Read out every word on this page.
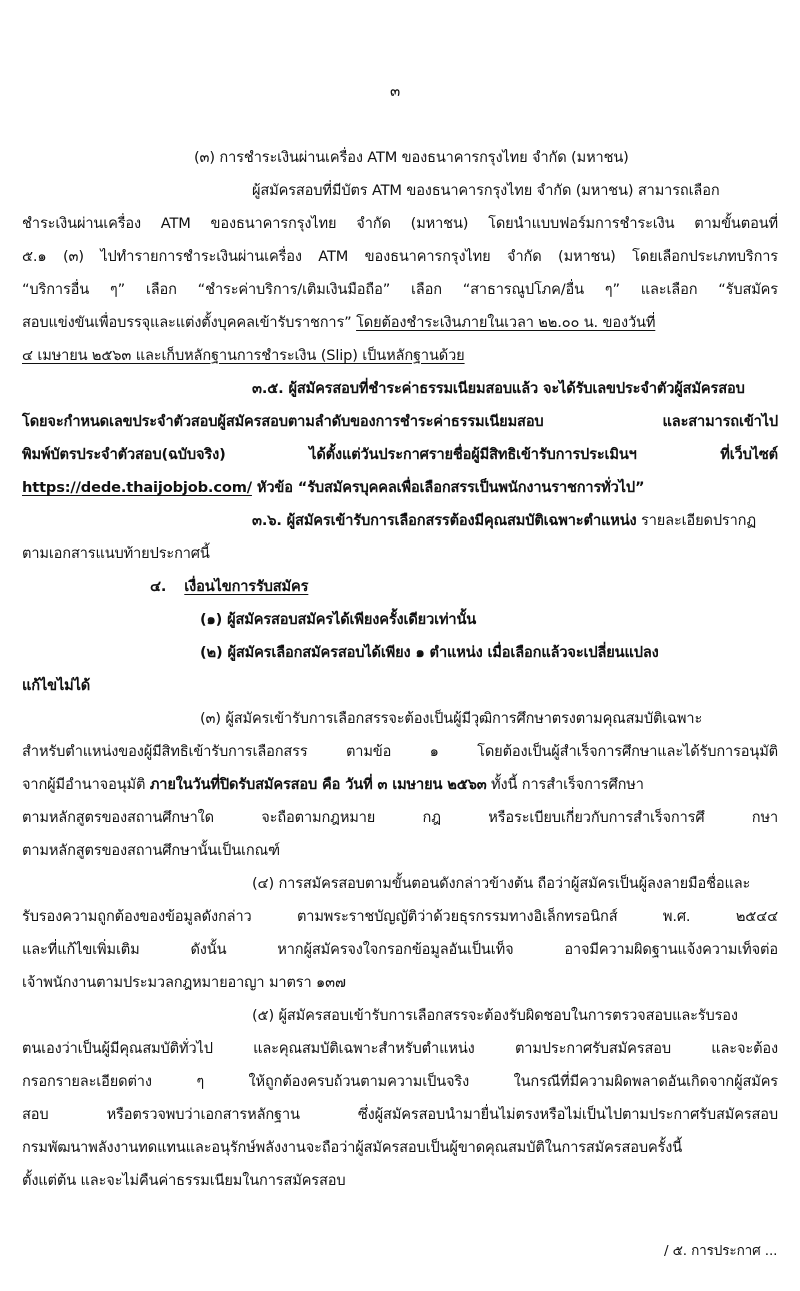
๓
(๓) การชำระเงินผ่านเครื่อง ATM ของธนาคารกรุงไทย จำกัด (มหาชน)
ผู้สมัครสอบที่มีบัตร ATM ของธนาคารกรุงไทย จำกัด (มหาชน) สามารถเลือก
ชำระเงินผ่านเครื่อง ATM ของธนาคารกรุงไทย จำกัด (มหาชน) โดยนำแบบฟอร์มการชำระเงิน ตามขั้นตอนที่
๕.๑ (๓) ไปทำรายการชำระเงินผ่านเครื่อง ATM ของธนาคารกรุงไทย จำกัด (มหาชน) โดยเลือกประเภทบริการ
“บริการอื่น ๆ” เลือก “ชำระค่าบริการ/เติมเงินมือถือ” เลือก “สาธารณูปโภค/อื่น ๆ” และเลือก “รับสมัคร
สอบแข่งขันเพื่อบรรจุและแต่งตั้งบุคคลเข้ารับราชการ” โดยต้องชำระเงินภายในเวลา ๒๒.๐๐ น. ของวันที่
๔ เมษายน ๒๕๖๓ และเก็บหลักฐานการชำระเงิน (Slip) เป็นหลักฐานด้วย
๓.๕. ผู้สมัครสอบที่ชำระค่าธรรมเนียมสอบแล้ว จะได้รับเลขประจำตัวผู้สมัครสอบ
โดยจะกำหนดเลขประจำตัวสอบผู้สมัครสอบตามลำดับของการชำระค่าธรรมเนียมสอบ และสามารถเข้าไป
พิมพ์บัตรประจำตัวสอบ(ฉบับจริง) ได้ตั้งแต่วันประกาศรายชื่อผู้มีสิทธิเข้ารับการประเมินฯ ที่เว็บไซต์
https://dede.thaijobjob.com/ หัวข้อ “รับสมัครบุคคลเพื่อเลือกสรรเป็นพนักงานราชการทั่วไป”
๓.๖. ผู้สมัครเข้ารับการเลือกสรรต้องมีคุณสมบัติเฉพาะตำแหน่ง รายละเอียดปรากฏ
ตามเอกสารแนบท้ายประกาศนี้
๔. เงื่อนไขการรับสมัคร
(๑) ผู้สมัครสอบสมัครได้เพียงครั้งเดียวเท่านั้น
(๒) ผู้สมัครเลือกสมัครสอบได้เพียง ๑ ตำแหน่ง เมื่อเลือกแล้วจะเปลี่ยนแปลง
แก้ไขไม่ได้
(๓) ผู้สมัครเข้ารับการเลือกสรรจะต้องเป็นผู้มีวุฒิการศึกษาตรงตามคุณสมบัติเฉพาะ
สำหรับตำแหน่งของผู้มีสิทธิเข้ารับการเลือกสรร ตามข้อ ๑ โดยต้องเป็นผู้สำเร็จการศึกษาและได้รับการอนุมัติ
จากผู้มีอำนาจอนุมัติ ภายในวันที่ปิดรับสมัครสอบ คือ วันที่ ๓ เมษายน ๒๕๖๓ ทั้งนี้ การสำเร็จการศึกษา
ตามหลักสูตรของสถานศึกษาใด จะถือตามกฎหมาย กฎ หรือระเบียบเกี่ยวกับการสำเร็จการศึ กษา
ตามหลักสูตรของสถานศึกษานั้นเป็นเกณฑ์
(๔) การสมัครสอบตามขั้นตอนดังกล่าวข้างต้น ถือว่าผู้สมัครเป็นผู้ลงลายมือชื่อและ
รับรองความถูกต้องของข้อมูลดังกล่าว ตามพระราชบัญญัติว่าด้วยธุรกรรมทางอิเล็กทรอนิกส์ พ.ศ. ๒๕๔๔
และที่แก้ไขเพิ่มเติม ดังนั้น หากผู้สมัครจงใจกรอกข้อมูลอันเป็นเท็จ อาจมีความผิดฐานแจ้งความเท็จต่อ
เจ้าพนักงานตามประมวลกฎหมายอาญา มาตรา ๑๓๗
(๕) ผู้สมัครสอบเข้ารับการเลือกสรรจะต้องรับผิดชอบในการตรวจสอบและรับรอง
ตนเองว่าเป็นผู้มีคุณสมบัติทั่วไป และคุณสมบัติเฉพาะสำหรับตำแหน่ง ตามประกาศรับสมัครสอบ และจะต้อง
กรอกรายละเอียดต่าง ๆ ให้ถูกต้องครบถ้วนตามความเป็นจริง ในกรณีที่มีความผิดพลาดอันเกิดจากผู้สมัคร
สอบ หรือตรวจพบว่าเอกสารหลักฐาน ซึ่งผู้สมัครสอบนำมายื่นไม่ตรงหรือไม่เป็นไปตามประกาศรับสมัครสอบ
กรมพัฒนาพลังงานทดแทนและอนุรักษ์พลังงานจะถือว่าผู้สมัครสอบเป็นผู้ขาดคุณสมบัติในการสมัครสอบครั้งนี้
ตั้งแต่ต้น และจะไม่คืนค่าธรรมเนียมในการสมัครสอบ
/ ๕. การประกาศ ...
